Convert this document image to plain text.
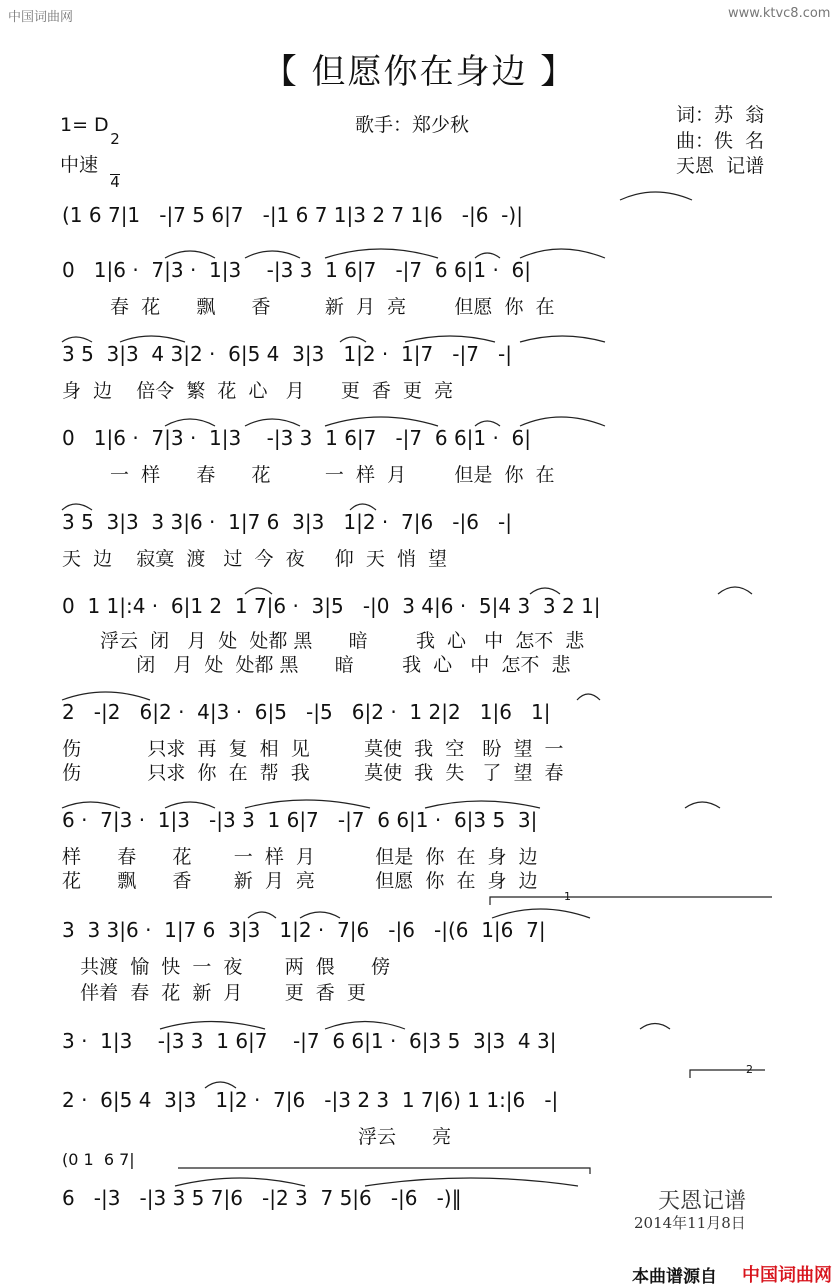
中国词曲网	www.ktvc8.com
【 但愿你在身边 】
1= D

2

4

中速
歌手：郑少秋	词：苏  翁
曲：佚  名
天恩  记谱
(1 6 7|1   -|7 5 6|7   -|1 6 7 1|3 2 7 1|6   -|6  -)|
0   1|6 ·  7|3 ·  1|3    -|3 3  1 6|7   -|7  6 6|1 ·  6|
春  花      飘      香         新  月  亮        但愿  你  在
3 5  3|3  4 3|2 ·  6|5 4  3|3   1|2 ·  1|7   -|7   -|
身  边    倍令  繁  花  心   月      更  香  更  亮
0   1|6 ·  7|3 ·  1|3    -|3 3  1 6|7   -|7  6 6|1 ·  6|
一  样      春      花         一  样  月        但是  你  在
3 5  3|3  3 3|6 ·  1|7 6  3|3   1|2 ·  7|6   -|6   -|
天  边    寂寞  渡   过  今  夜     仰  天  悄  望
0  1 1|:4 ·  6|1 2  1 7|6 ·  3|5   -|0  3 4|6 ·  5|4 3  3 2 1|
浮云  闭   月  处  处都 黑      暗        我  心   中  怎不  悲
闭   月  处  处都 黑      暗        我  心   中  怎不  悲
2   -|2   6|2 ·  4|3 ·  6|5   -|5   6|2 ·  1 2|2   1|6   1|
伤           只求  再  复  相  见         莫使  我  空   盼  望  一
伤           只求  你  在  帮  我         莫使  我  失   了  望  春
6 ·  7|3 ·  1|3   -|3 3  1 6|7   -|7  6 6|1 ·  6|3 5  3|
样      春      花       一  样  月          但是  你  在  身  边
花      飘      香       新  月  亮          但愿  你  在  身  边
1
3  3 3|6 ·  1|7 6  3|3   1|2 ·  7|6   -|6   -|(6  1|6  7|
共渡  愉  快  一  夜       两  偎      傍
伴着  春  花  新  月       更  香  更
3 ·  1|3    -|3 3  1 6|7    -|7  6 6|1 ·  6|3 5  3|3  4 3|
2
2 ·  6|5 4  3|3   1|2 ·  7|6   -|3 2 3  1 7|6) 1 1:|6   -|
浮云      亮
(0 1  6 7|
6   -|3   -|3 3 5 7|6   -|2 3  7 5|6   -|6   -)‖	天恩记谱
2014年11月8日
本曲谱源自 中国词曲网
